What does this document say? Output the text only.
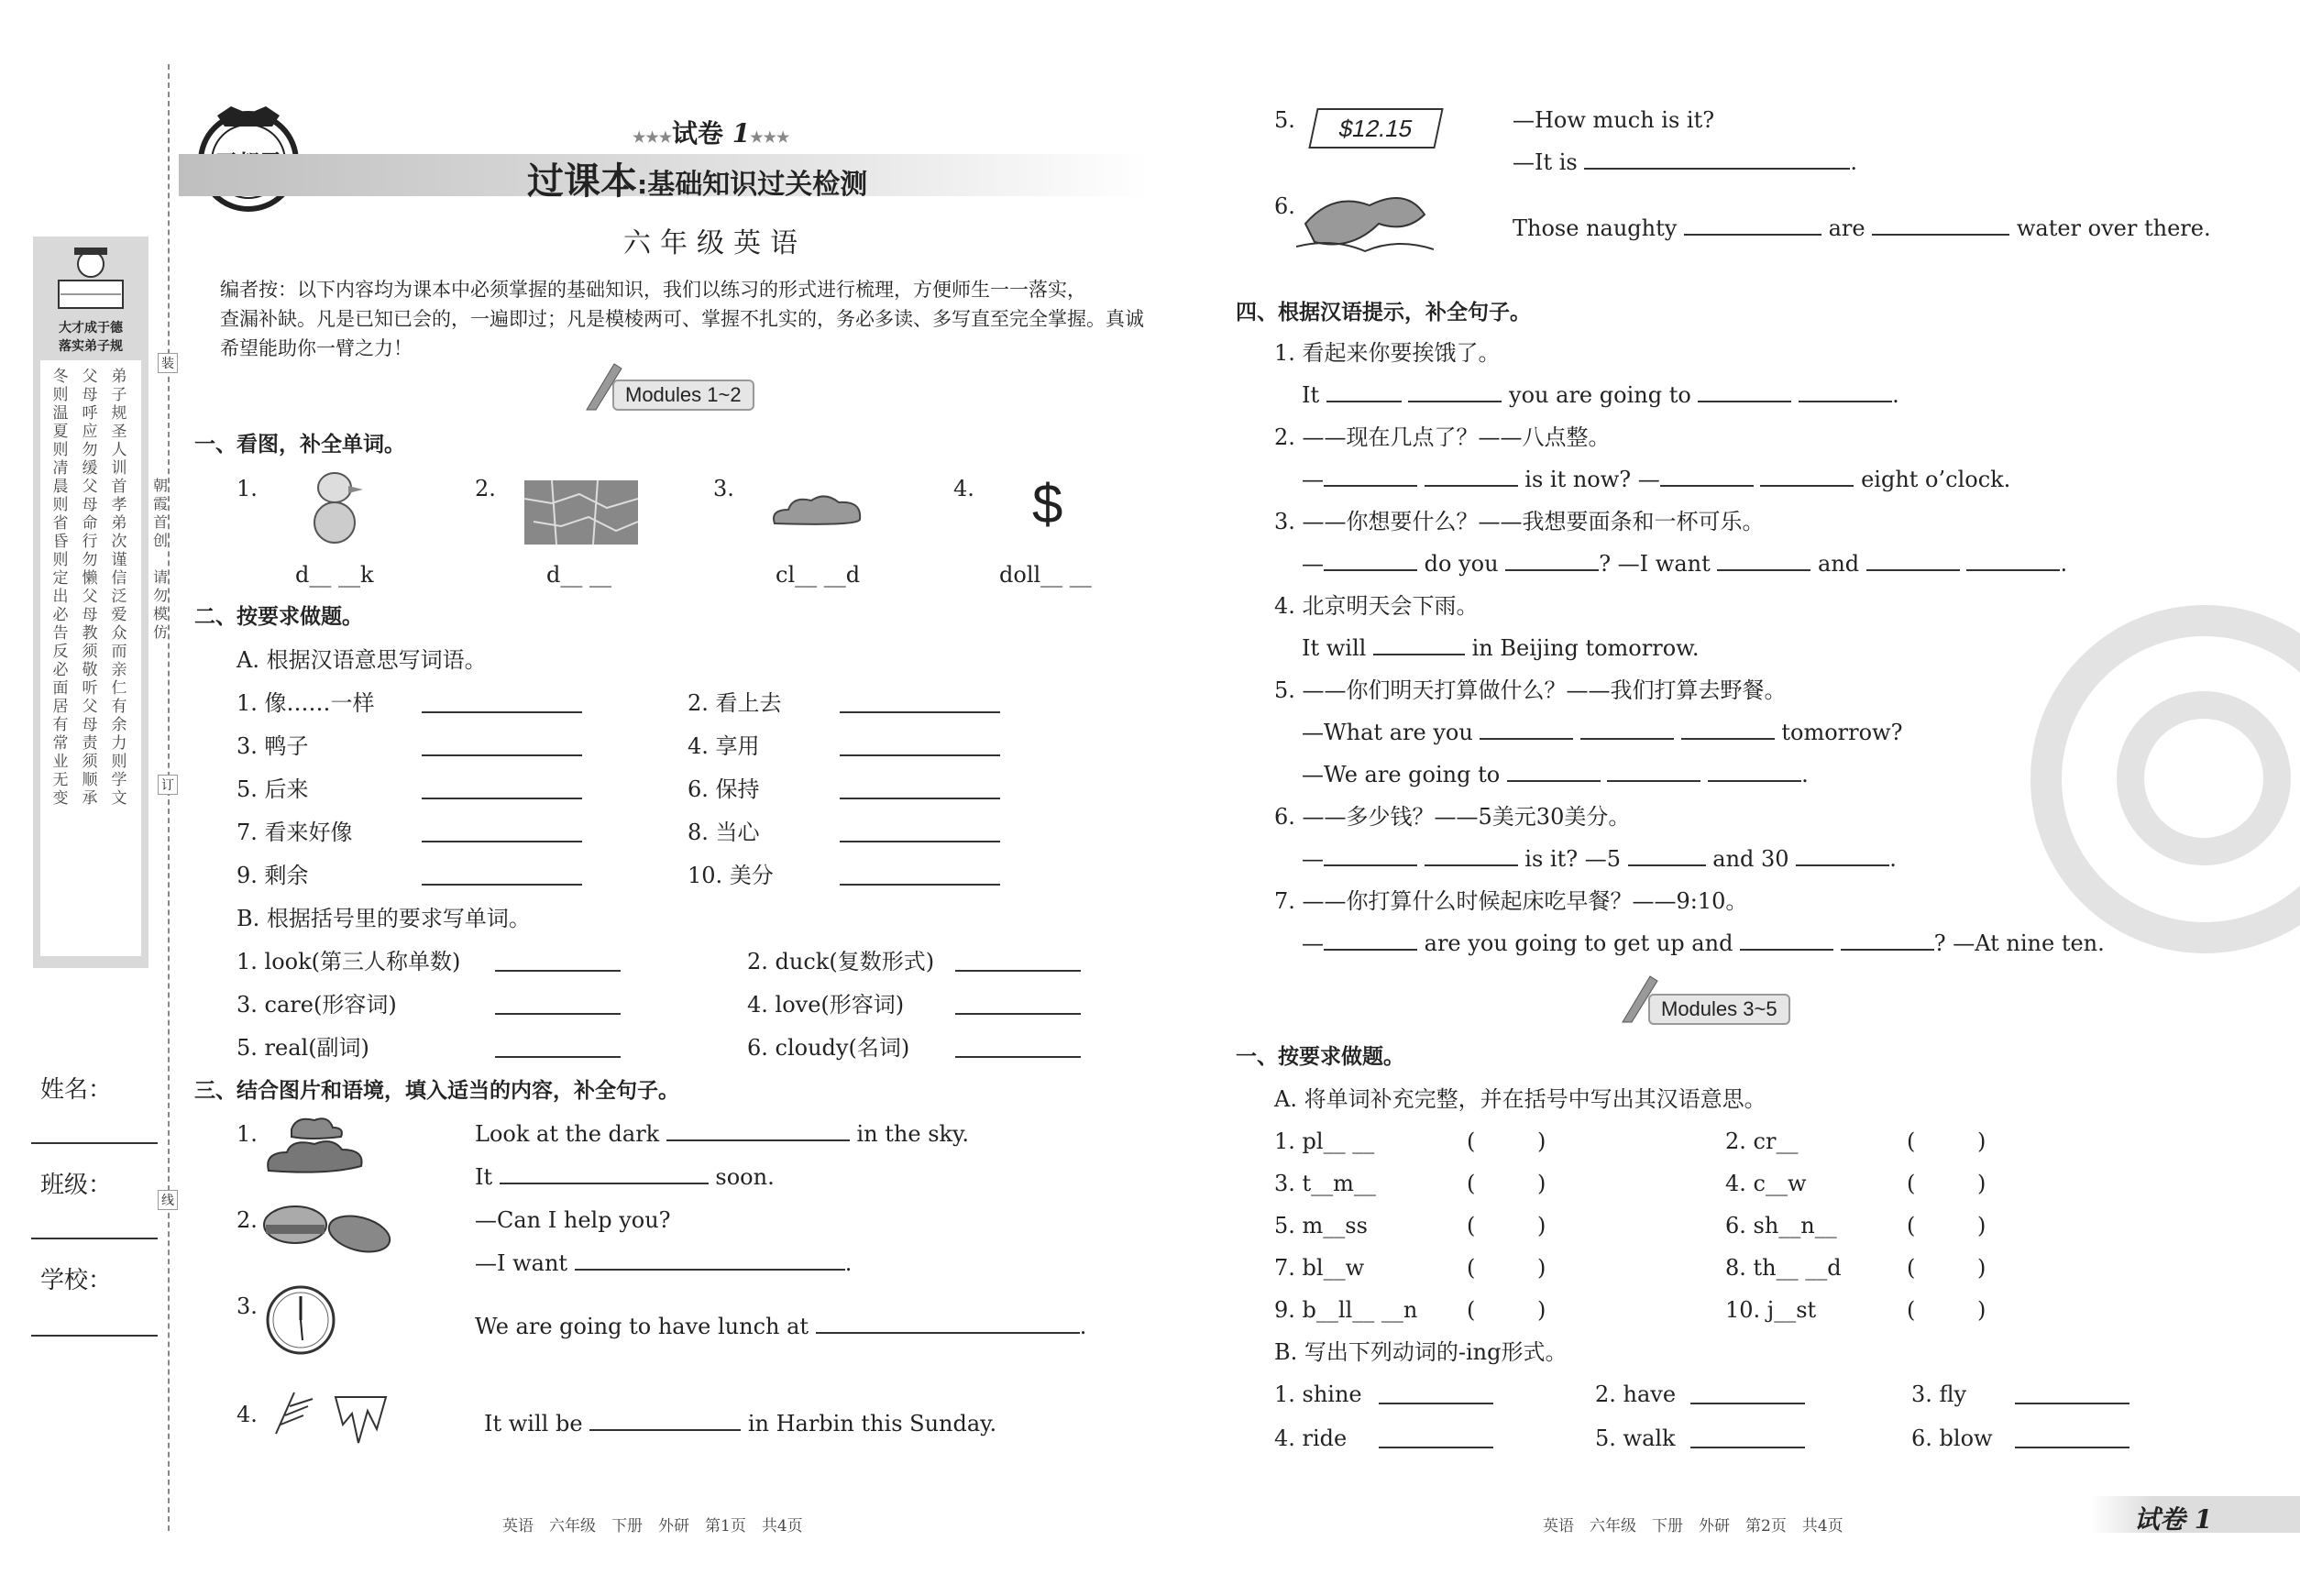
装
订
线
朝霞首创
请勿模仿
大才成于德
落实弟子规
弟子规圣人训首孝弟次谨信泛爱众而亲仁有余力则学文
父母呼应勿缓父母命行勿懒父母教须敬听父母责须顺承
冬则温夏则凊晨则省昏则定出必告反必面居有常业无变
姓名：
班级：
学校：
★★★试卷 1★★★
过课本:基础知识过关检测
六年级英语
编者按：以下内容均为课本中必须掌握的基础知识，我们以练习的形式进行梳理，方便师生一一落实，
查漏补缺。凡是已知已会的，一遍即过；凡是模棱两可、掌握不扎实的，务必多读、多写直至完全掌握。真诚
希望能助你一臂之力！
Modules 1~2
一、看图，补全单词。
1.
d__ __k
2.
d__ __
3.
cl__ __d
4. $
doll__ __
二、按要求做题。
A. 根据汉语意思写词语。
1. 像……一样	2. 看上去
3. 鸭子	4. 享用
5. 后来	6. 保持
7. 看来好像	8. 当心
9. 剩余	10. 美分
B. 根据括号里的要求写单词。
1. look(第三人称单数)	2. duck(复数形式)
3. care(形容词)	4. love(形容词)
5. real(副词)	6. cloudy(名词)
三、结合图片和语境，填入适当的内容，补全句子。
1.	Look at the dark	in the sky.
It	soon.
2.	—Can I help you?
—I want	.
3.
We are going to have lunch at	.
4.	It will be	in Harbin this Sunday.
英语　六年级　下册　外研　第1页　共4页
5.	$12.15	—How much is it?
—It is	.
6.
Those naughty	are	water over there.
四、根据汉语提示，补全句子。
1. 看起来你要挨饿了。
It	you are going to	.
2. ——现在几点了？——八点整。
—	is it now? —	eight o’clock.
3. ——你想要什么？——我想要面条和一杯可乐。
—	do you	? —I want	and	.
4. 北京明天会下雨。
It will	in Beijing tomorrow.
5. ——你们明天打算做什么？——我们打算去野餐。
—What are you	tomorrow?
—We are going to	.
6. ——多少钱？——5美元30美分。
—	is it? —5	and 30	.
7. ——你打算什么时候起床吃早餐？——9:10。
—	are you going to get up and	? —At nine ten.
Modules 3~5
一、按要求做题。
A. 将单词补充完整，并在括号中写出其汉语意思。
1. pl__ __	(	)	2. cr__	(	)
3. t__m__	(	)	4. c__w	(	)
5. m__ss	(	)	6. sh__n__	(	)
7. bl__w	(	)	8. th__ __d	(	)
9. b__ll__ __n (	)	10. j__st	(	)
B. 写出下列动词的-ing形式。
1. shine	2. have	3. fly
4. ride	5. walk	6. blow
英语　六年级　下册　外研　第2页　共4页	试卷 1
